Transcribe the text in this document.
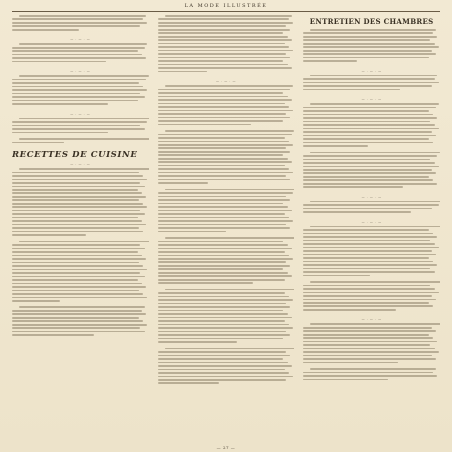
LA MODE ILLUSTRÉE
— · — · —
— · — · —
— · — · —
RECETTES DE CUISINE
— · — · —
— · — · —
ENTRETIEN DES CHAMBRES
— · — · —
— · — · —
— · — · —
— · — · —
— · — · —
— 27 —
